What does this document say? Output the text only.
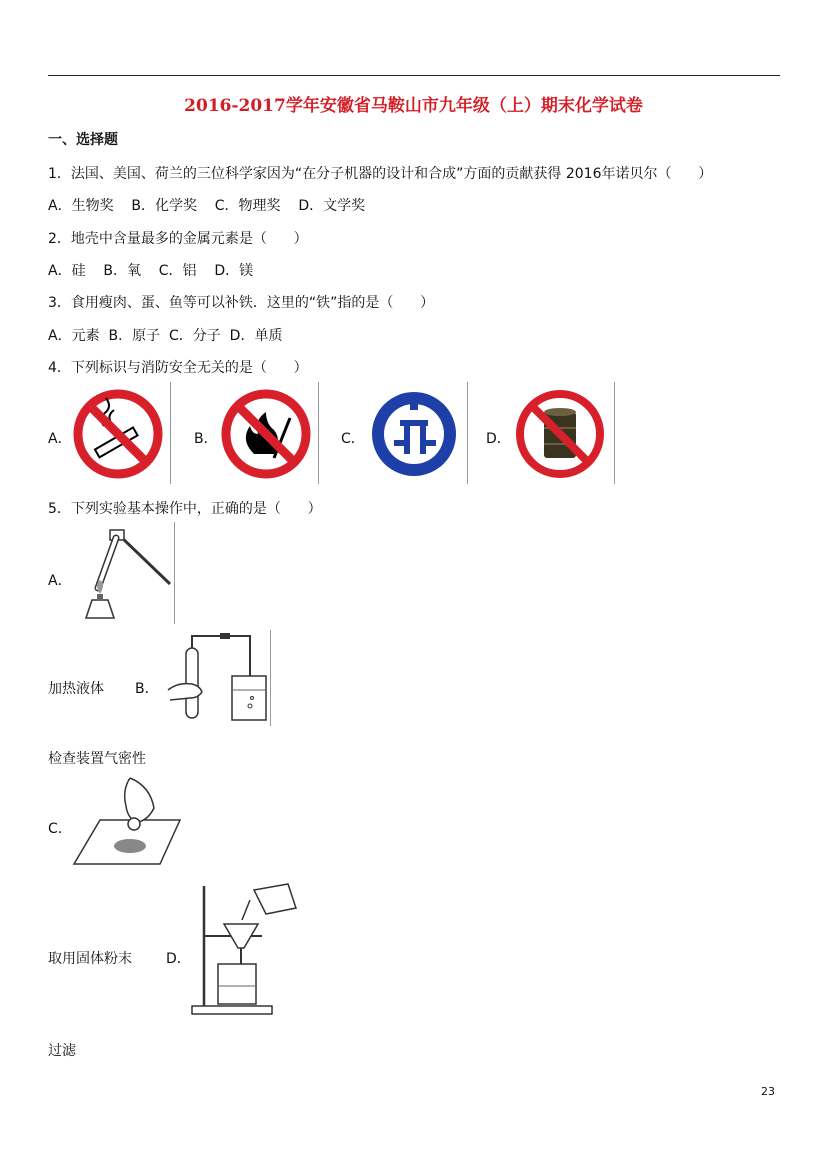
2016-2017学年安徽省马鞍山市九年级（上）期末化学试卷
一、选择题
1．法国、美国、荷兰的三位科学家因为“在分子机器的设计和合成”方面的贡献获得 2016年诺贝尔（      ）
A．生物奖    B．化学奖    C．物理奖    D．文学奖
2．地壳中含量最多的金属元素是（      ）
A．硅    B．氧    C．铝    D．镁
3．食用瘦肉、蛋、鱼等可以补铁．这里的“铁”指的是（      ）
A．元素  B．原子  C．分子  D．单质
4．下列标识与消防安全无关的是（      ）
A．	B．	C．	D．
5．下列实验基本操作中，正确的是（      ）
A．
加热液体 B．
检查装置气密性
C．
取用固体粉末 D．
过滤
23
